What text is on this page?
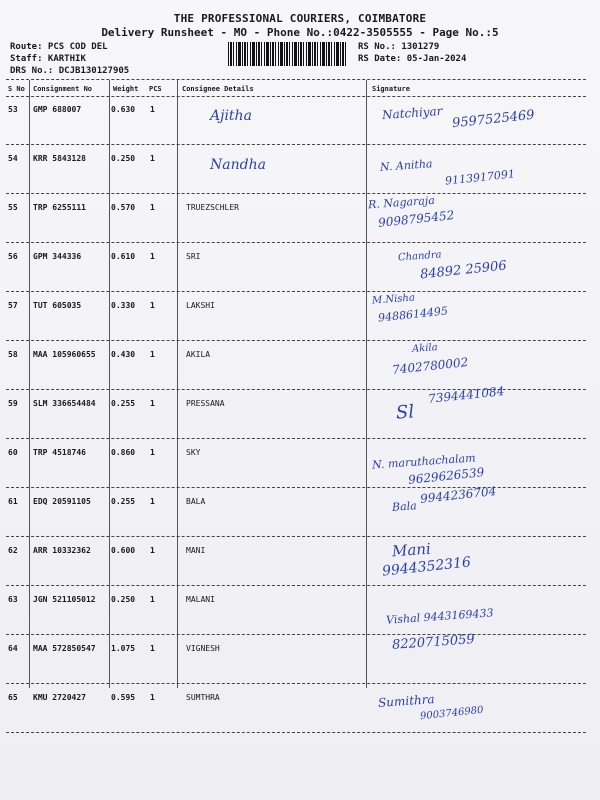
THE PROFESSIONAL COURIERS, COIMBATORE
Delivery Runsheet - MO - Phone No.:0422-3505555 - Page No.:5
Route: PCS COD DEL
Staff: KARTHIK
DRS No.: DCJB130127905
RS No.: 1301279
RS Date: 05-Jan-2024
S No Consignment No	Weight PCS	Consignee Details	Signature
53 GMP 688007	0.630 1	Ajitha	Natchiyar 9597525469
54 KRR 5843128	0.250 1	Nandha	N. Anitha
9113917091
55 TRP 6255111	0.570 1	TRUEZSCHLER	R. Nagaraja
9098795452
56 GPM 344336	0.610 1	SRI	Chandra
84892 25906
57 TUT 605035	0.330 1	LAKSHI	M.Nisha
9488614495
58 MAA 105960655 0.430 1	AKILA	Akila
7402780002
59 SLM 336654484 0.255 1	PRESSANA	Sl
7394441084
60 TRP 4518746	0.860 1	SKY	N. maruthachalam
9629626539
61 EDQ 20591105	0.255 1	BALA	Bala
9944236704
62 ARR 10332362	0.600 1	MANI	Mani
9944352316
63 JGN 521105012 0.250 1	MALANI
Vishal 9443169433
64 MAA 572850547 1.075 1	VIGNESH	8220715059
65 KMU 2720427	0.595 1	SUMTHRA	Sumithra
9003746980
